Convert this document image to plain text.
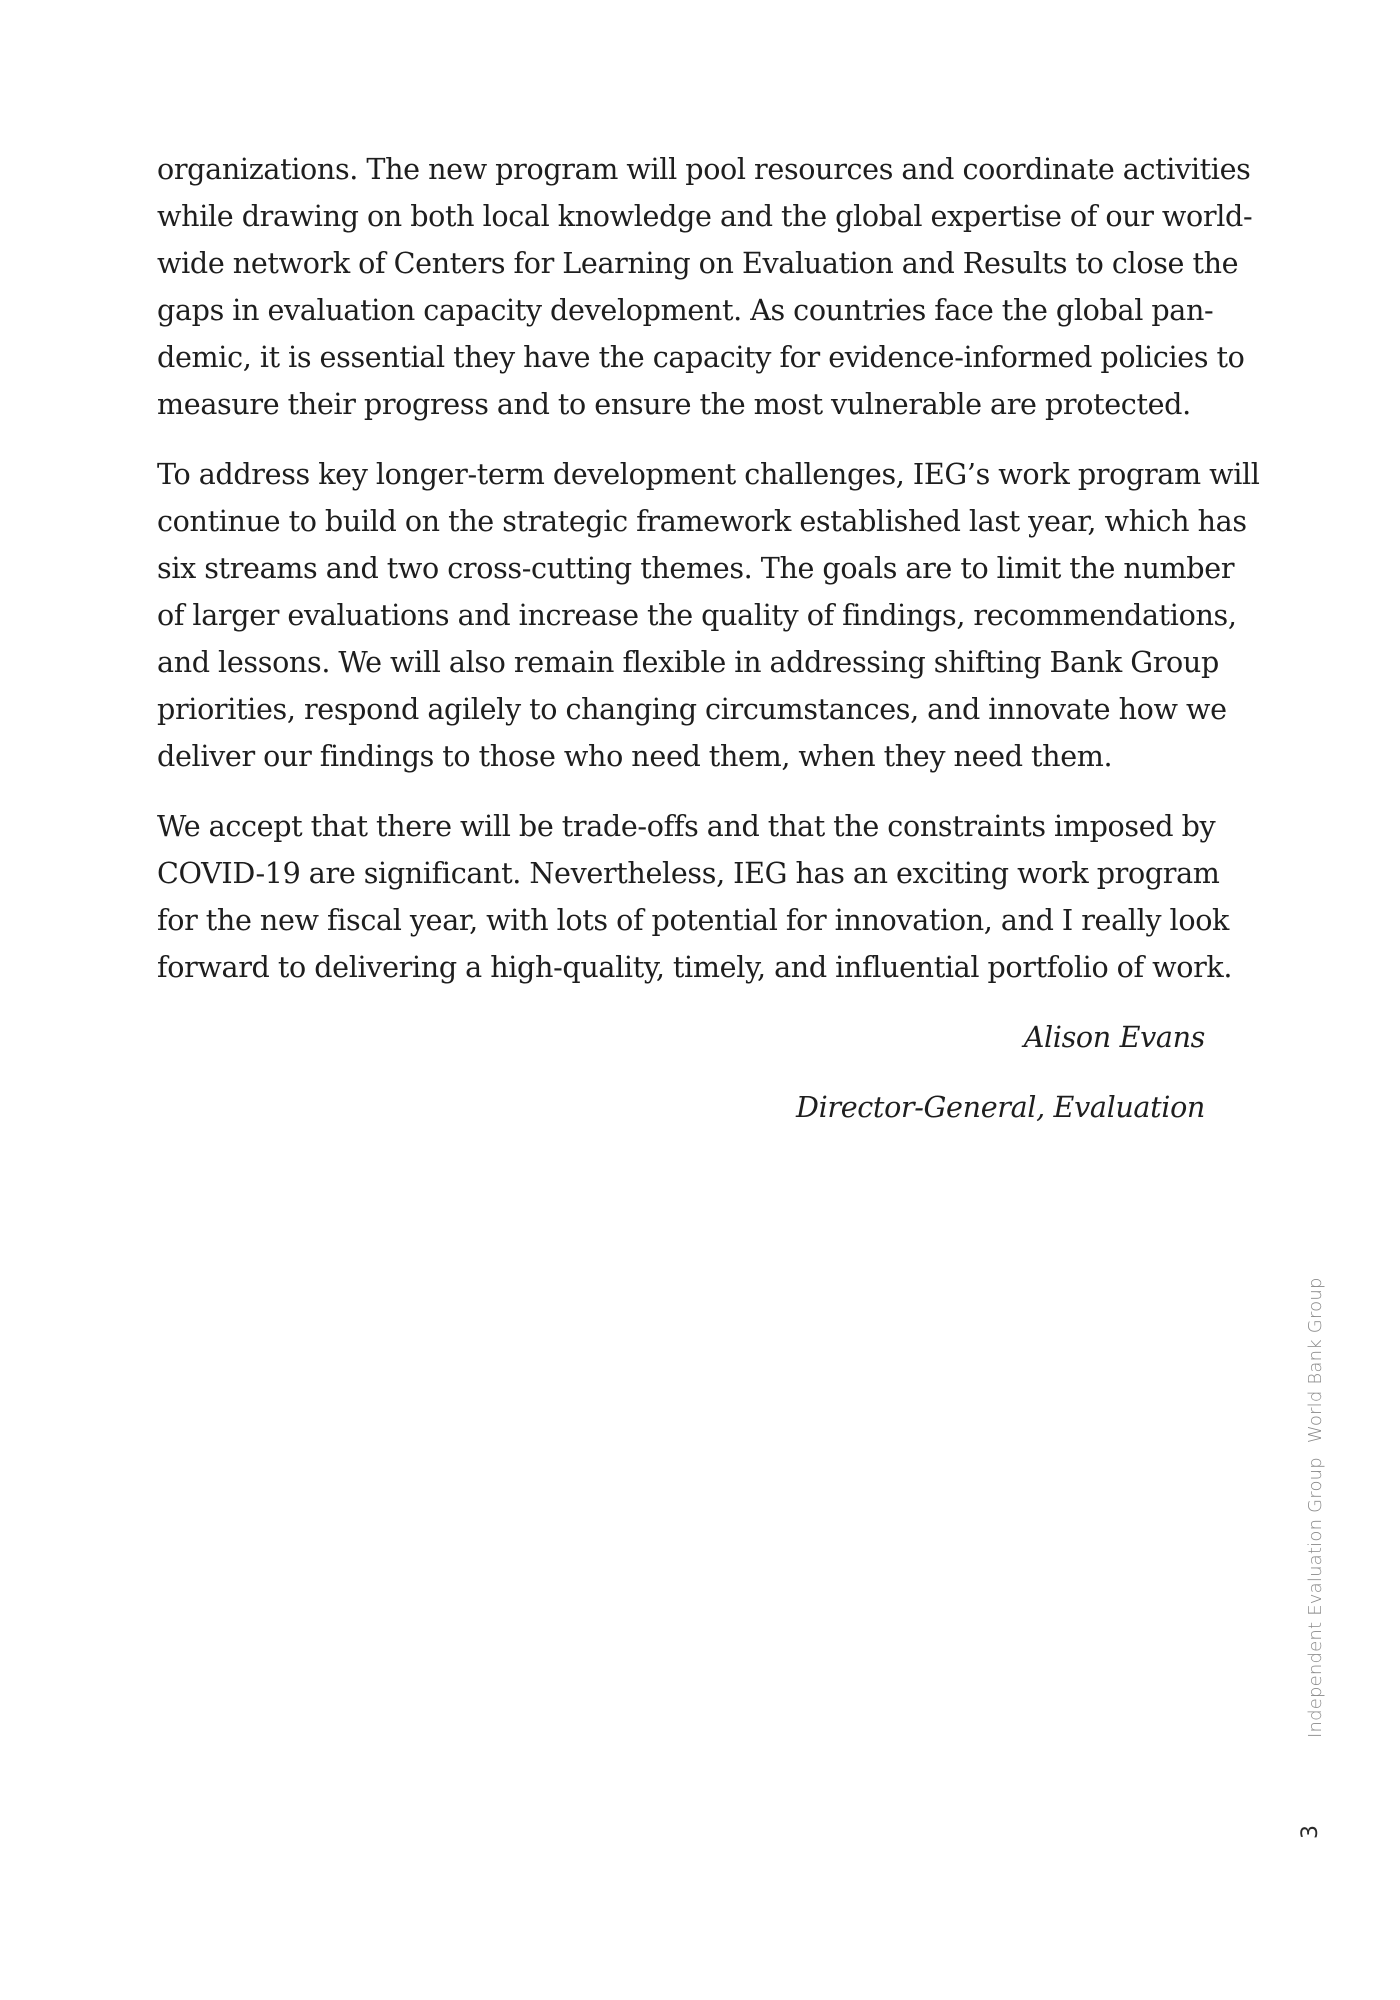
organizations. The new program will pool resources and coordinate activities
while drawing on both local knowledge and the global expertise of our world-
wide network of Centers for Learning on Evaluation and Results to close the
gaps in evaluation capacity development. As countries face the global pan-
demic, it is essential they have the capacity for evidence-informed policies to
measure their progress and to ensure the most vulnerable are protected.

To address key longer-term development challenges, IEG’s work program will
continue to build on the strategic framework established last year, which has
six streams and two cross-cutting themes. The goals are to limit the number
of larger evaluations and increase the quality of findings, recommendations,
and lessons. We will also remain flexible in addressing shifting Bank Group
priorities, respond agilely to changing circumstances, and innovate how we
deliver our findings to those who need them, when they need them.

We accept that there will be trade-offs and that the constraints imposed by
COVID-19 are significant. Nevertheless, IEG has an exciting work program
for the new fiscal year, with lots of potential for innovation, and I really look
forward to delivering a high-quality, timely, and influential portfolio of work.

Alison Evans
Director-General, Evaluation
Independent Evaluation Group
World Bank Group
3
